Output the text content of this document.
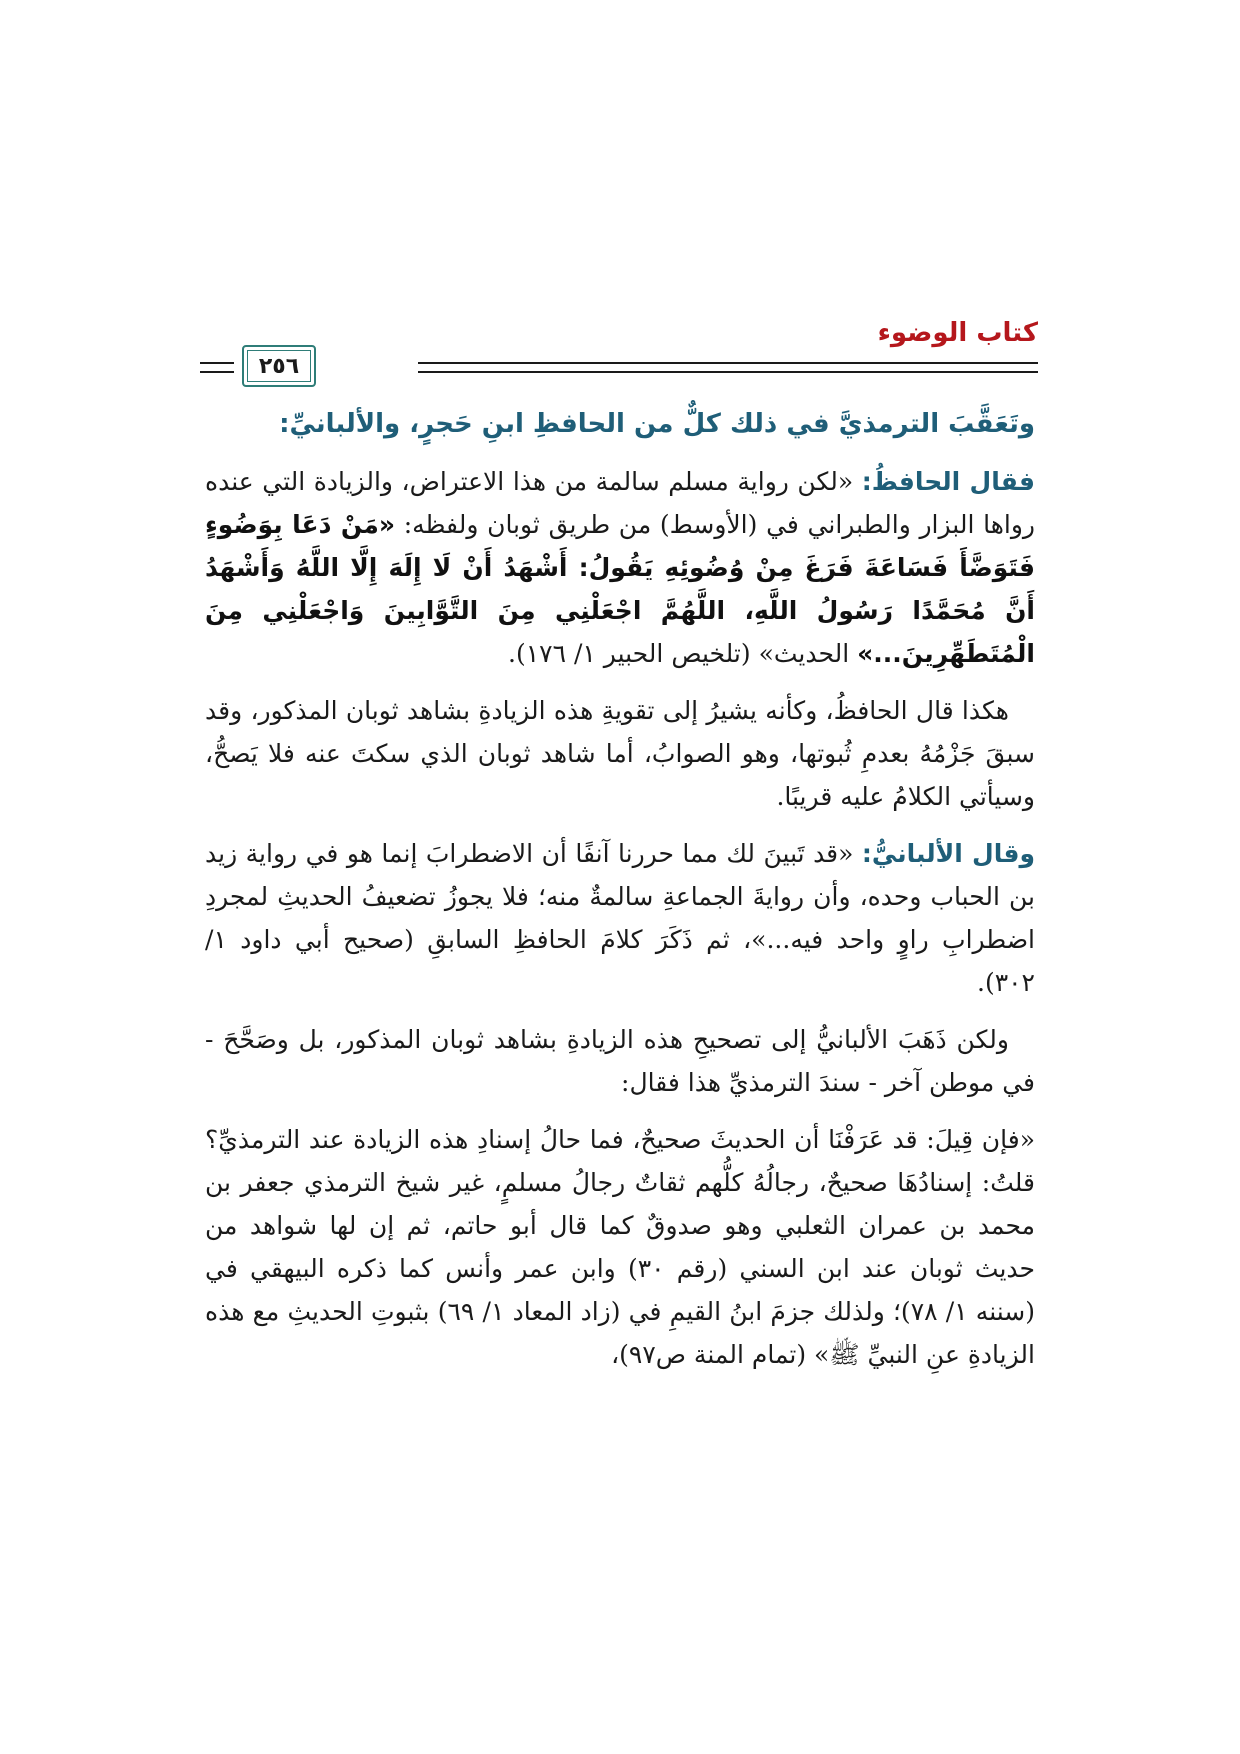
كتاب الوضوء
٢٥٦
وتَعَقَّبَ الترمذيَّ في ذلك كلٌّ من الحافظِ ابنِ حَجرٍ، والألبانيِّ:

فقال الحافظُ: «لكن رواية مسلم سالمة من هذا الاعتراض، والزيادة التي عنده رواها البزار والطبراني في (الأوسط) من طريق ثوبان ولفظه: «مَنْ دَعَا بِوَضُوءٍ فَتَوَضَّأَ فَسَاعَةَ فَرَغَ مِنْ وُضُوئِهِ يَقُولُ: أَشْهَدُ أَنْ لَا إِلَهَ إِلَّا اللَّهُ وَأَشْهَدُ أَنَّ مُحَمَّدًا رَسُولُ اللَّهِ، اللَّهُمَّ اجْعَلْنِي مِنَ التَّوَّابِينَ وَاجْعَلْنِي مِنَ الْمُتَطَهِّرِينَ...» الحديث» (تلخيص الحبير ١/ ١٧٦).

هكذا قال الحافظُ، وكأنه يشيرُ إلى تقويةِ هذه الزيادةِ بشاهد ثوبان المذكور، وقد سبقَ جَزْمُهُ بعدمِ ثُبوتها، وهو الصوابُ، أما شاهد ثوبان الذي سكتَ عنه فلا يَصحُّ، وسيأتي الكلامُ عليه قريبًا.

وقال الألبانيُّ: «قد تَبينَ لك مما حررنا آنفًا أن الاضطرابَ إنما هو في رواية زيد بن الحباب وحده، وأن روايةَ الجماعةِ سالمةٌ منه؛ فلا يجوزُ تضعيفُ الحديثِ لمجردِ اضطرابِ راوٍ واحد فيه...»، ثم ذَكَرَ كلامَ الحافظِ السابقِ (صحيح أبي داود ١/ ٣٠٢).

ولكن ذَهَبَ الألبانيُّ إلى تصحيحِ هذه الزيادةِ بشاهد ثوبان المذكور، بل وصَحَّحَ - في موطن آخر - سندَ الترمذيِّ هذا فقال:

«فإن قِيلَ: قد عَرَفْنَا أن الحديثَ صحيحٌ، فما حالُ إسنادِ هذه الزيادة عند الترمذيِّ؟ قلتُ: إسنادُهَا صحيحٌ، رجالُهُ كلُّهم ثقاتٌ رجالُ مسلمٍ، غير شيخ الترمذي جعفر بن محمد بن عمران الثعلبي وهو صدوقٌ كما قال أبو حاتم، ثم إن لها شواهد من حديث ثوبان عند ابن السني (رقم ٣٠) وابن عمر وأنس كما ذكره البيهقي في (سننه ١/ ٧٨)؛ ولذلك جزمَ ابنُ القيمِ في (زاد المعاد ١/ ٦٩) بثبوتِ الحديثِ مع هذه الزيادةِ عنِ النبيِّ ﷺ» (تمام المنة ص٩٧)،
